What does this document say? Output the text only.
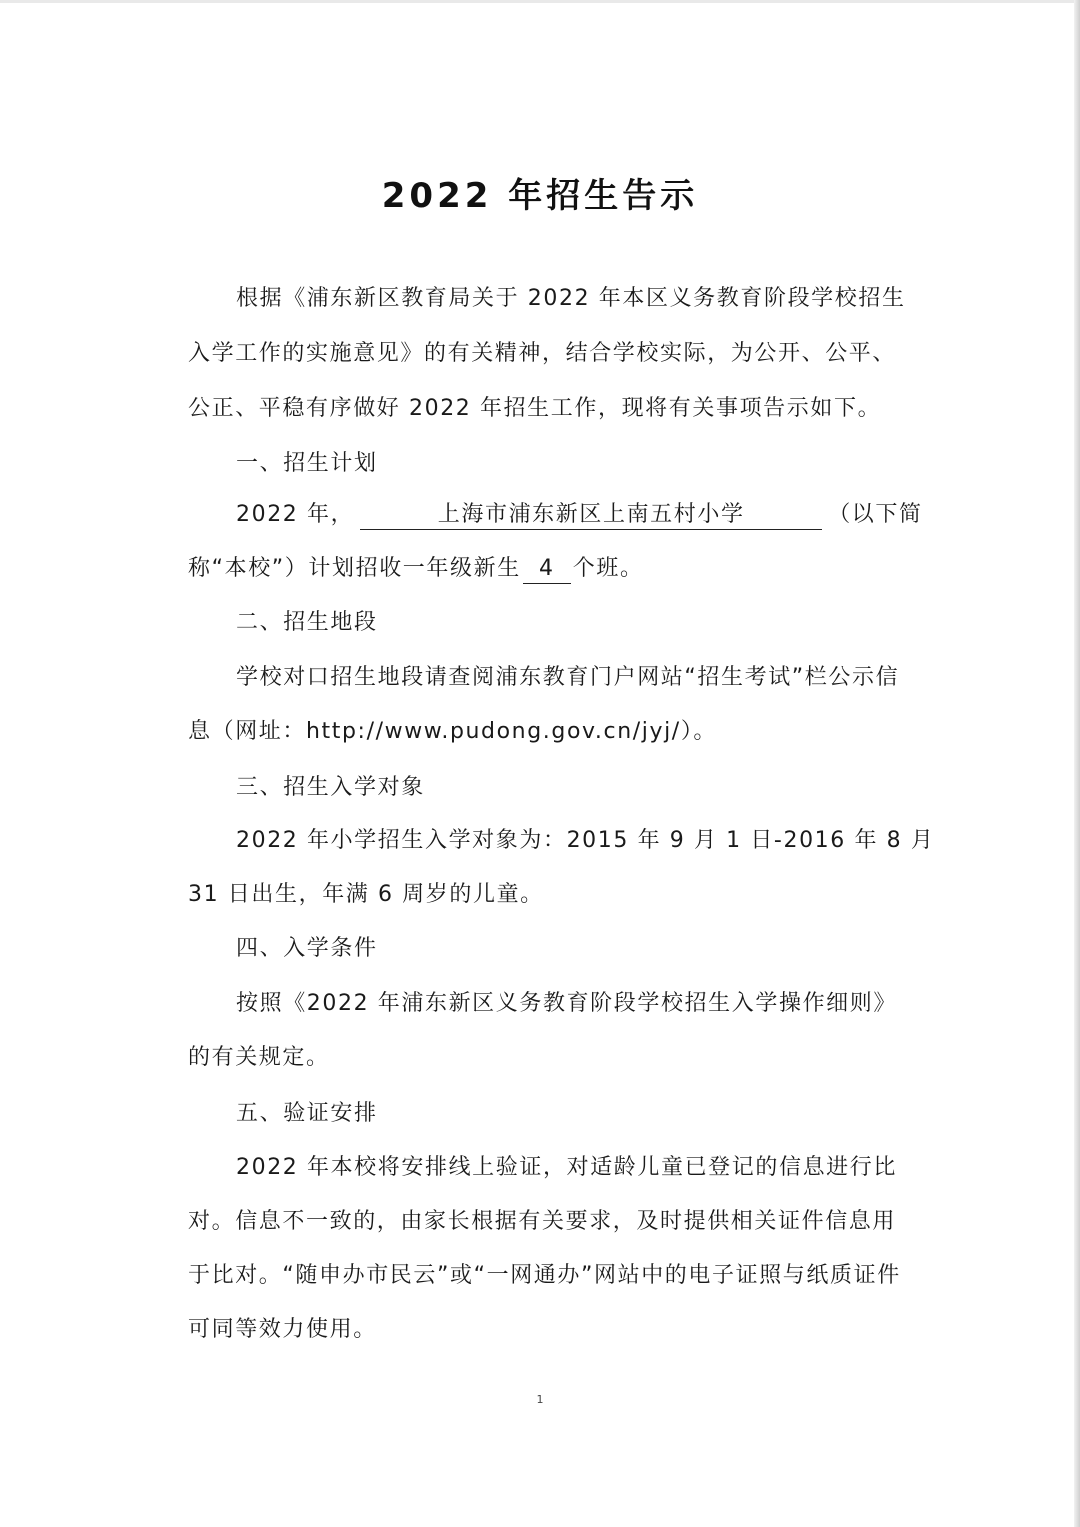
2022 年招生告示
根据《浦东新区教育局关于 2022 年本区义务教育阶段学校招生
入学工作的实施意见》的有关精神，结合学校实际，为公开、公平、
公正、平稳有序做好 2022 年招生工作，现将有关事项告示如下。
一、招生计划
2022 年，	上海市浦东新区上南五村小学	（以下简
称“本校”）计划招收一年级新生 4 个班。
二、招生地段
学校对口招生地段请查阅浦东教育门户网站“招生考试”栏公示信
息（网址：http://www.pudong.gov.cn/jyj/）。
三、招生入学对象
2022 年小学招生入学对象为：2015 年 9 月 1 日-2016 年 8 月
31 日出生，年满 6 周岁的儿童。
四、入学条件
按照《2022 年浦东新区义务教育阶段学校招生入学操作细则》
的有关规定。
五、验证安排
2022 年本校将安排线上验证，对适龄儿童已登记的信息进行比
对。信息不一致的，由家长根据有关要求，及时提供相关证件信息用
于比对。“随申办市民云”或“一网通办”网站中的电子证照与纸质证件
可同等效力使用。
1
